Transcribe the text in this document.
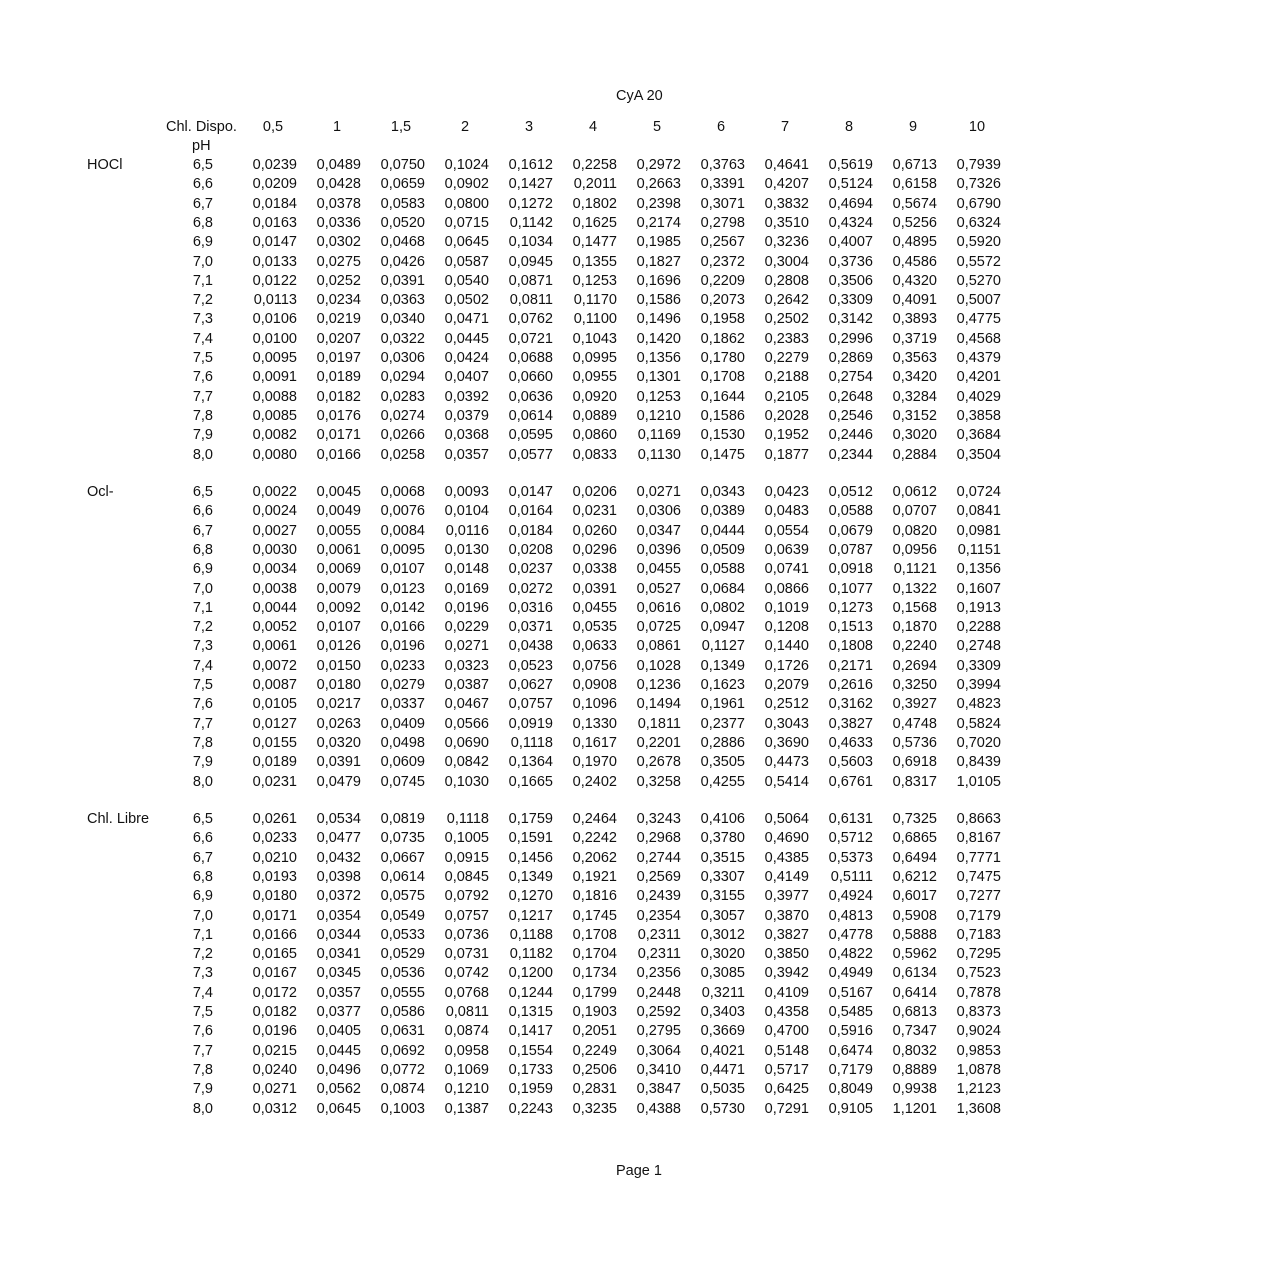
CyA 20
Chl. Dispo.	0,5	1	1,5	2	3	4	5	6	7	8	9	10
pH
HOCl	6,5	0,0239	0,0489	0,0750	0,1024	0,1612	0,2258	0,2972	0,3763	0,4641	0,5619	0,6713	0,7939
6,6	0,0209	0,0428	0,0659	0,0902	0,1427	0,2011	0,2663	0,3391	0,4207	0,5124	0,6158	0,7326
6,7	0,0184	0,0378	0,0583	0,0800	0,1272	0,1802	0,2398	0,3071	0,3832	0,4694	0,5674	0,6790
6,8	0,0163	0,0336	0,0520	0,0715	0,1142	0,1625	0,2174	0,2798	0,3510	0,4324	0,5256	0,6324
6,9	0,0147	0,0302	0,0468	0,0645	0,1034	0,1477	0,1985	0,2567	0,3236	0,4007	0,4895	0,5920
7,0	0,0133	0,0275	0,0426	0,0587	0,0945	0,1355	0,1827	0,2372	0,3004	0,3736	0,4586	0,5572
7,1	0,0122	0,0252	0,0391	0,0540	0,0871	0,1253	0,1696	0,2209	0,2808	0,3506	0,4320	0,5270
7,2	0,0113	0,0234	0,0363	0,0502	0,0811	0,1170	0,1586	0,2073	0,2642	0,3309	0,4091	0,5007
7,3	0,0106	0,0219	0,0340	0,0471	0,0762	0,1100	0,1496	0,1958	0,2502	0,3142	0,3893	0,4775
7,4	0,0100	0,0207	0,0322	0,0445	0,0721	0,1043	0,1420	0,1862	0,2383	0,2996	0,3719	0,4568
7,5	0,0095	0,0197	0,0306	0,0424	0,0688	0,0995	0,1356	0,1780	0,2279	0,2869	0,3563	0,4379
7,6	0,0091	0,0189	0,0294	0,0407	0,0660	0,0955	0,1301	0,1708	0,2188	0,2754	0,3420	0,4201
7,7	0,0088	0,0182	0,0283	0,0392	0,0636	0,0920	0,1253	0,1644	0,2105	0,2648	0,3284	0,4029
7,8	0,0085	0,0176	0,0274	0,0379	0,0614	0,0889	0,1210	0,1586	0,2028	0,2546	0,3152	0,3858
7,9	0,0082	0,0171	0,0266	0,0368	0,0595	0,0860	0,1169	0,1530	0,1952	0,2446	0,3020	0,3684
8,0	0,0080	0,0166	0,0258	0,0357	0,0577	0,0833	0,1130	0,1475	0,1877	0,2344	0,2884	0,3504
Ocl-	6,5	0,0022	0,0045	0,0068	0,0093	0,0147	0,0206	0,0271	0,0343	0,0423	0,0512	0,0612	0,0724
6,6	0,0024	0,0049	0,0076	0,0104	0,0164	0,0231	0,0306	0,0389	0,0483	0,0588	0,0707	0,0841
6,7	0,0027	0,0055	0,0084	0,0116	0,0184	0,0260	0,0347	0,0444	0,0554	0,0679	0,0820	0,0981
6,8	0,0030	0,0061	0,0095	0,0130	0,0208	0,0296	0,0396	0,0509	0,0639	0,0787	0,0956	0,1151
6,9	0,0034	0,0069	0,0107	0,0148	0,0237	0,0338	0,0455	0,0588	0,0741	0,0918	0,1121	0,1356
7,0	0,0038	0,0079	0,0123	0,0169	0,0272	0,0391	0,0527	0,0684	0,0866	0,1077	0,1322	0,1607
7,1	0,0044	0,0092	0,0142	0,0196	0,0316	0,0455	0,0616	0,0802	0,1019	0,1273	0,1568	0,1913
7,2	0,0052	0,0107	0,0166	0,0229	0,0371	0,0535	0,0725	0,0947	0,1208	0,1513	0,1870	0,2288
7,3	0,0061	0,0126	0,0196	0,0271	0,0438	0,0633	0,0861	0,1127	0,1440	0,1808	0,2240	0,2748
7,4	0,0072	0,0150	0,0233	0,0323	0,0523	0,0756	0,1028	0,1349	0,1726	0,2171	0,2694	0,3309
7,5	0,0087	0,0180	0,0279	0,0387	0,0627	0,0908	0,1236	0,1623	0,2079	0,2616	0,3250	0,3994
7,6	0,0105	0,0217	0,0337	0,0467	0,0757	0,1096	0,1494	0,1961	0,2512	0,3162	0,3927	0,4823
7,7	0,0127	0,0263	0,0409	0,0566	0,0919	0,1330	0,1811	0,2377	0,3043	0,3827	0,4748	0,5824
7,8	0,0155	0,0320	0,0498	0,0690	0,1118	0,1617	0,2201	0,2886	0,3690	0,4633	0,5736	0,7020
7,9	0,0189	0,0391	0,0609	0,0842	0,1364	0,1970	0,2678	0,3505	0,4473	0,5603	0,6918	0,8439
8,0	0,0231	0,0479	0,0745	0,1030	0,1665	0,2402	0,3258	0,4255	0,5414	0,6761	0,8317	1,0105
Chl. Libre	6,5	0,0261	0,0534	0,0819	0,1118	0,1759	0,2464	0,3243	0,4106	0,5064	0,6131	0,7325	0,8663
6,6	0,0233	0,0477	0,0735	0,1005	0,1591	0,2242	0,2968	0,3780	0,4690	0,5712	0,6865	0,8167
6,7	0,0210	0,0432	0,0667	0,0915	0,1456	0,2062	0,2744	0,3515	0,4385	0,5373	0,6494	0,7771
6,8	0,0193	0,0398	0,0614	0,0845	0,1349	0,1921	0,2569	0,3307	0,4149	0,5111	0,6212	0,7475
6,9	0,0180	0,0372	0,0575	0,0792	0,1270	0,1816	0,2439	0,3155	0,3977	0,4924	0,6017	0,7277
7,0	0,0171	0,0354	0,0549	0,0757	0,1217	0,1745	0,2354	0,3057	0,3870	0,4813	0,5908	0,7179
7,1	0,0166	0,0344	0,0533	0,0736	0,1188	0,1708	0,2311	0,3012	0,3827	0,4778	0,5888	0,7183
7,2	0,0165	0,0341	0,0529	0,0731	0,1182	0,1704	0,2311	0,3020	0,3850	0,4822	0,5962	0,7295
7,3	0,0167	0,0345	0,0536	0,0742	0,1200	0,1734	0,2356	0,3085	0,3942	0,4949	0,6134	0,7523
7,4	0,0172	0,0357	0,0555	0,0768	0,1244	0,1799	0,2448	0,3211	0,4109	0,5167	0,6414	0,7878
7,5	0,0182	0,0377	0,0586	0,0811	0,1315	0,1903	0,2592	0,3403	0,4358	0,5485	0,6813	0,8373
7,6	0,0196	0,0405	0,0631	0,0874	0,1417	0,2051	0,2795	0,3669	0,4700	0,5916	0,7347	0,9024
7,7	0,0215	0,0445	0,0692	0,0958	0,1554	0,2249	0,3064	0,4021	0,5148	0,6474	0,8032	0,9853
7,8	0,0240	0,0496	0,0772	0,1069	0,1733	0,2506	0,3410	0,4471	0,5717	0,7179	0,8889	1,0878
7,9	0,0271	0,0562	0,0874	0,1210	0,1959	0,2831	0,3847	0,5035	0,6425	0,8049	0,9938	1,2123
8,0	0,0312	0,0645	0,1003	0,1387	0,2243	0,3235	0,4388	0,5730	0,7291	0,9105	1,1201	1,3608
Page 1
